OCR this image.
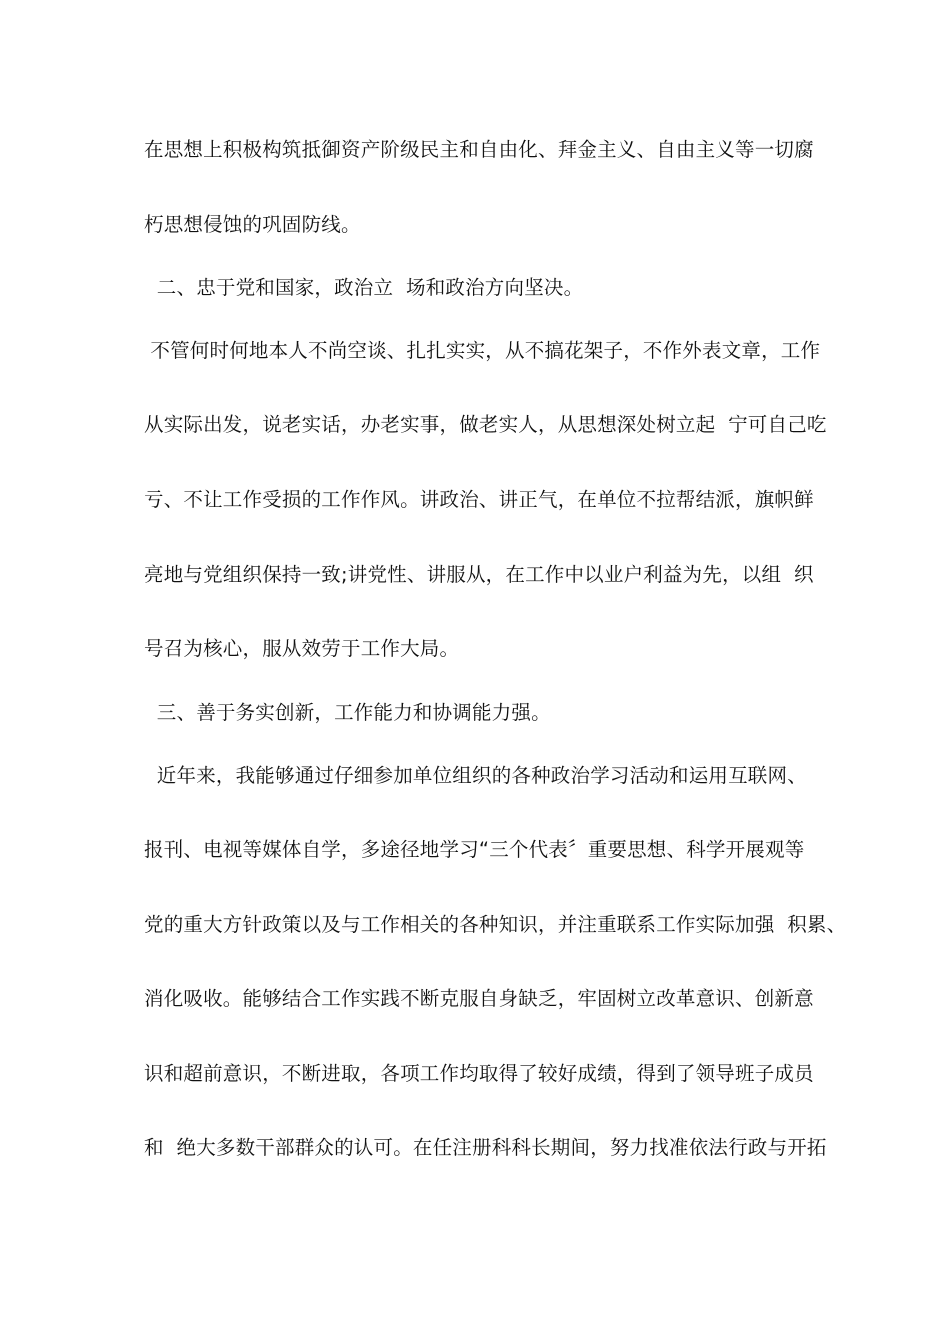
在思想上积极构筑抵御资产阶级民主和自由化、拜金主义、自由主义等一切腐
朽思想侵蚀的巩固防线。
二、忠于党和国家，政治立  场和政治方向坚决。
不管何时何地本人不尚空谈、扎扎实实，从不搞花架子，不作外表文章，工作
从实际出发，说老实话，办老实事，做老实人，从思想深处树立起  宁可自己吃
亏、不让工作受损的工作作风。讲政治、讲正气，在单位不拉帮结派，旗帜鲜
亮地与党组织保持一致;讲党性、讲服从，在工作中以业户利益为先，以组  织
号召为核心，服从效劳于工作大局。
三、善于务实创新，工作能力和协调能力强。
近年来，我能够通过仔细参加单位组织的各种政治学习活动和运用互联网、
报刊、电视等媒体自学，多途径地学习“三个代表〞重要思想、科学开展观等
党的重大方针政策以及与工作相关的各种知识，并注重联系工作实际加强  积累、
消化吸收。能够结合工作实践不断克服自身缺乏，牢固树立改革意识、创新意
识和超前意识，不断进取，各项工作均取得了较好成绩，得到了领导班子成员
和  绝大多数干部群众的认可。在任注册科科长期间，努力找准依法行政与开拓
